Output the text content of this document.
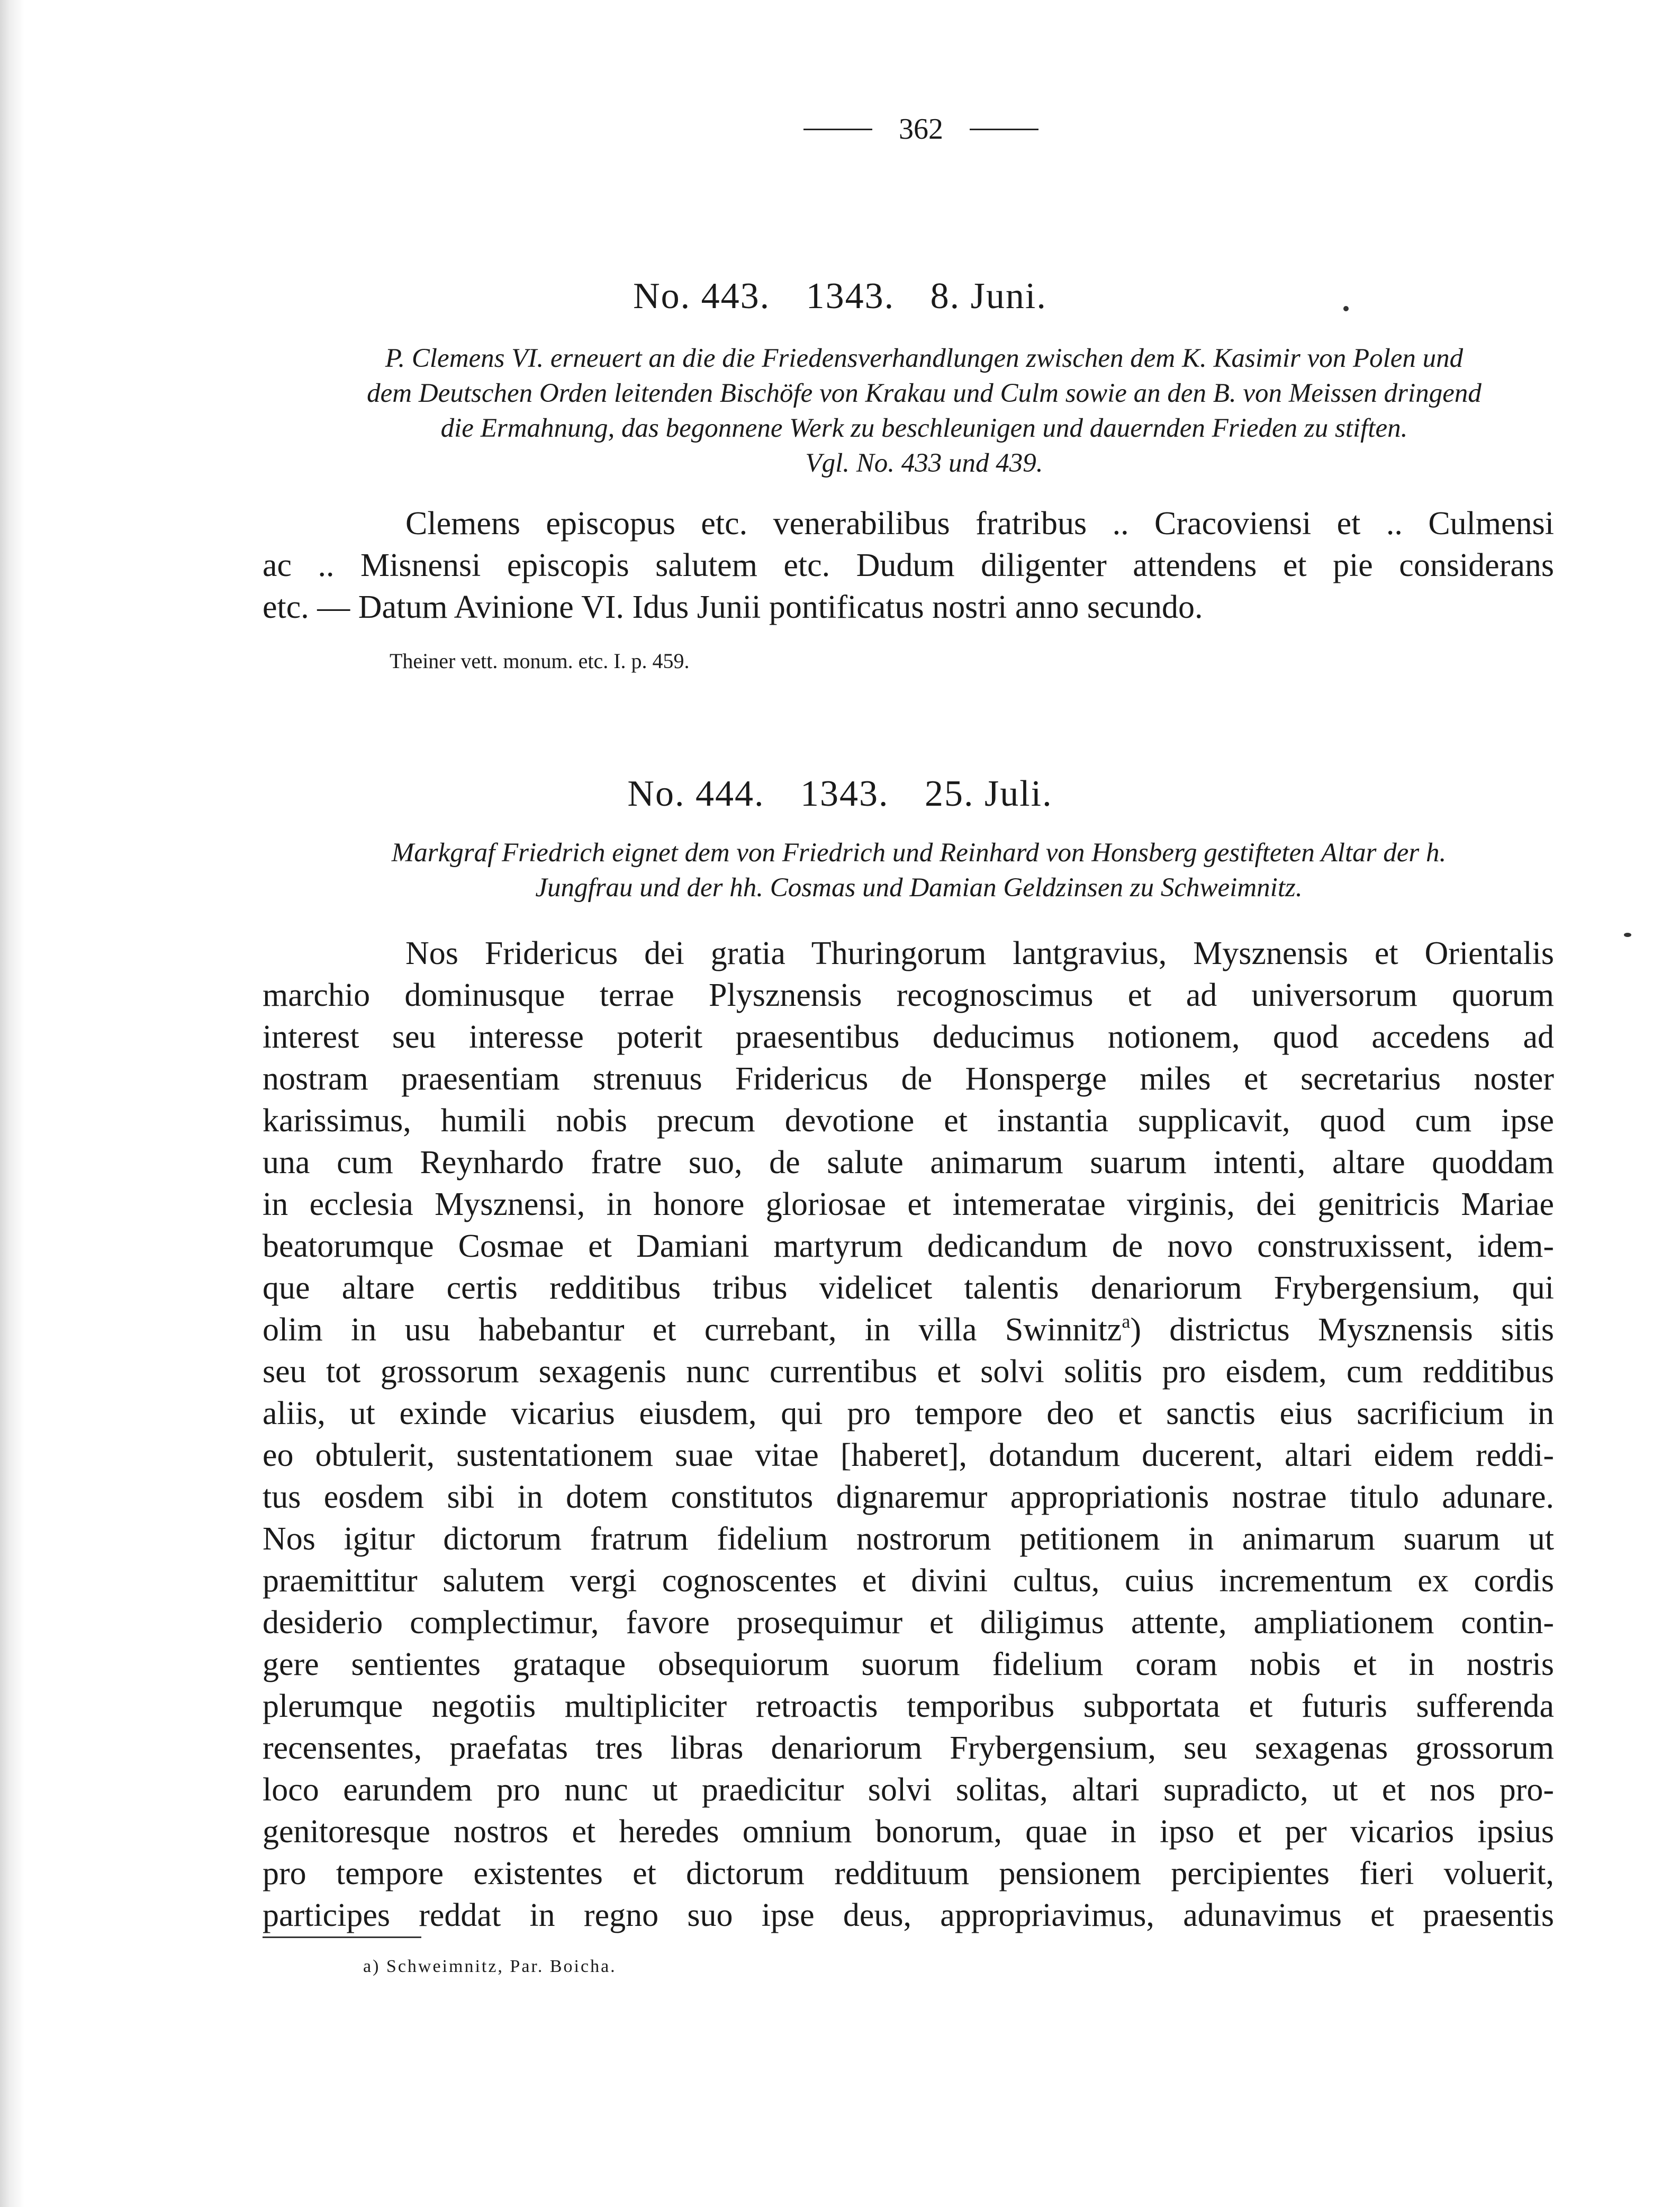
362
No. 443. 1343. 8. Juni.
P. Clemens VI. erneuert an die die Friedensverhandlungen zwischen dem K. Kasimir von Polen und
dem Deutschen Orden leitenden Bischöfe von Krakau und Culm sowie an den B. von Meissen dringend
die Ermahnung, das begonnene Werk zu beschleunigen und dauernden Frieden zu stiften.
Vgl. No. 433 und 439.
Clemens episcopus etc. venerabilibus fratribus .. Cracoviensi et .. Culmensi
ac .. Misnensi episcopis salutem etc. Dudum diligenter attendens et pie considerans
etc. — Datum Avinione VI. Idus Junii pontificatus nostri anno secundo.
Theiner vett. monum. etc. I. p. 459.
No. 444. 1343. 25. Juli.
Markgraf Friedrich eignet dem von Friedrich und Reinhard von Honsberg gestifteten Altar der h.
Jungfrau und der hh. Cosmas und Damian Geldzinsen zu Schweimnitz.
Nos Fridericus dei gratia Thuringorum lantgravius, Mysznensis et Orientalis
marchio dominusque terrae Plysznensis recognoscimus et ad universorum quorum
interest seu interesse poterit praesentibus deducimus notionem, quod accedens ad
nostram praesentiam strenuus Fridericus de Honsperge miles et secretarius noster
karissimus, humili nobis precum devotione et instantia supplicavit, quod cum ipse
una cum Reynhardo fratre suo, de salute animarum suarum intenti, altare quoddam
in ecclesia Mysznensi, in honore gloriosae et intemeratae virginis, dei genitricis Mariae
beatorumque Cosmae et Damiani martyrum dedicandum de novo construxissent, idem-
que altare certis redditibus tribus videlicet talentis denariorum Frybergensium, qui
olim in usu habebantur et currebant, in villa Swinnitz$^a$) districtus Mysznensis sitis
seu tot grossorum sexagenis nunc currentibus et solvi solitis pro eisdem, cum redditibus
aliis, ut exinde vicarius eiusdem, qui pro tempore deo et sanctis eius sacrificium in
eo obtulerit, sustentationem suae vitae [haberet], dotandum ducerent, altari eidem reddi-
tus eosdem sibi in dotem constitutos dignaremur appropriationis nostrae titulo adunare.
Nos igitur dictorum fratrum fidelium nostrorum petitionem in animarum suarum ut
praemittitur salutem vergi cognoscentes et divini cultus, cuius incrementum ex cordis
desiderio complectimur, favore prosequimur et diligimus attente, ampliationem contin-
gere sentientes grataque obsequiorum suorum fidelium coram nobis et in nostris
plerumque negotiis multipliciter retroactis temporibus subportata et futuris sufferenda
recensentes, praefatas tres libras denariorum Frybergensium, seu sexagenas grossorum
loco earundem pro nunc ut praedicitur solvi solitas, altari supradicto, ut et nos pro-
genitoresque nostros et heredes omnium bonorum, quae in ipso et per vicarios ipsius
pro tempore existentes et dictorum reddituum pensionem percipientes fieri voluerit,
participes reddat in regno suo ipse deus, appropriavimus, adunavimus et praesentis
a) Schweimnitz, Par. Boicha.
